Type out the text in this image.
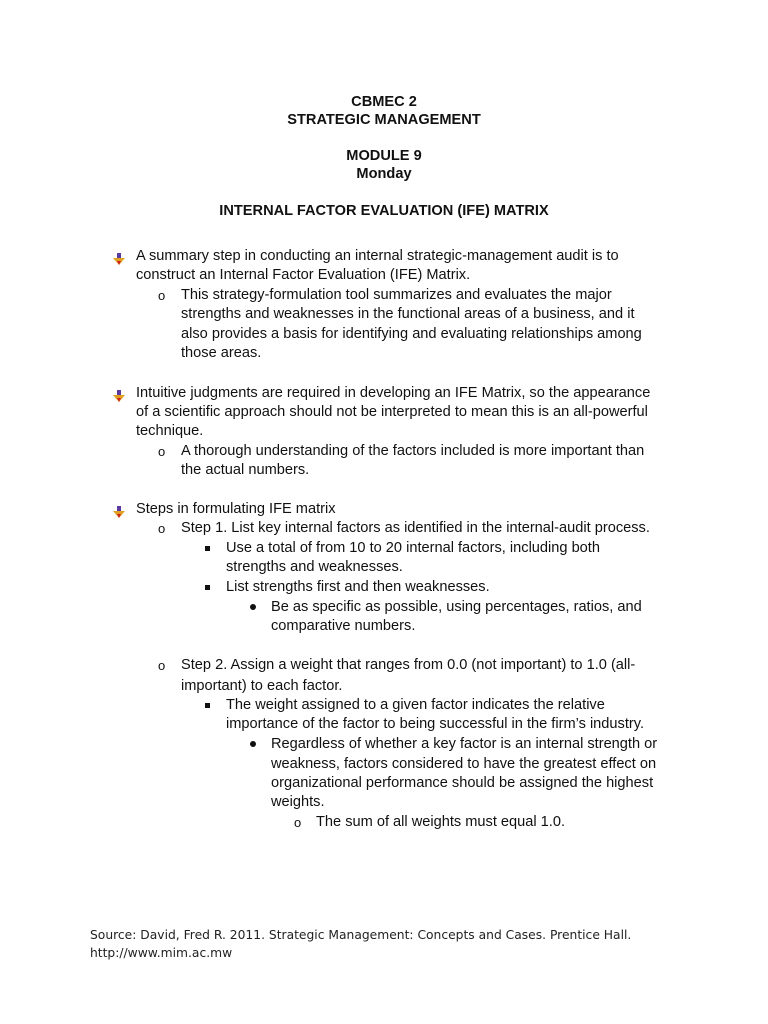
CBMEC 2
STRATEGIC MANAGEMENT
MODULE 9
Monday
INTERNAL FACTOR EVALUATION (IFE) MATRIX
A summary step in conducting an internal strategic-management audit is to
construct an Internal Factor Evaluation (IFE) Matrix.
o This strategy-formulation tool summarizes and evaluates the major
strengths and weaknesses in the functional areas of a business, and it
also provides a basis for identifying and evaluating relationships among
those areas.
Intuitive judgments are required in developing an IFE Matrix, so the appearance
of a scientific approach should not be interpreted to mean this is an all-powerful
technique.
o A thorough understanding of the factors included is more important than
the actual numbers.
Steps in formulating IFE matrix
o Step 1. List key internal factors as identified in the internal-audit process.
Use a total of from 10 to 20 internal factors, including both
strengths and weaknesses.
List strengths first and then weaknesses.
Be as specific as possible, using percentages, ratios, and
comparative numbers.
o Step 2. Assign a weight that ranges from 0.0 (not important) to 1.0 (all-
important) to each factor.
The weight assigned to a given factor indicates the relative
importance of the factor to being successful in the firm’s industry.
Regardless of whether a key factor is an internal strength or
weakness, factors considered to have the greatest effect on
organizational performance should be assigned the highest
weights.
o The sum of all weights must equal 1.0.
Source: David, Fred R. 2011. Strategic Management: Concepts and Cases. Prentice Hall.
http://www.mim.ac.mw
